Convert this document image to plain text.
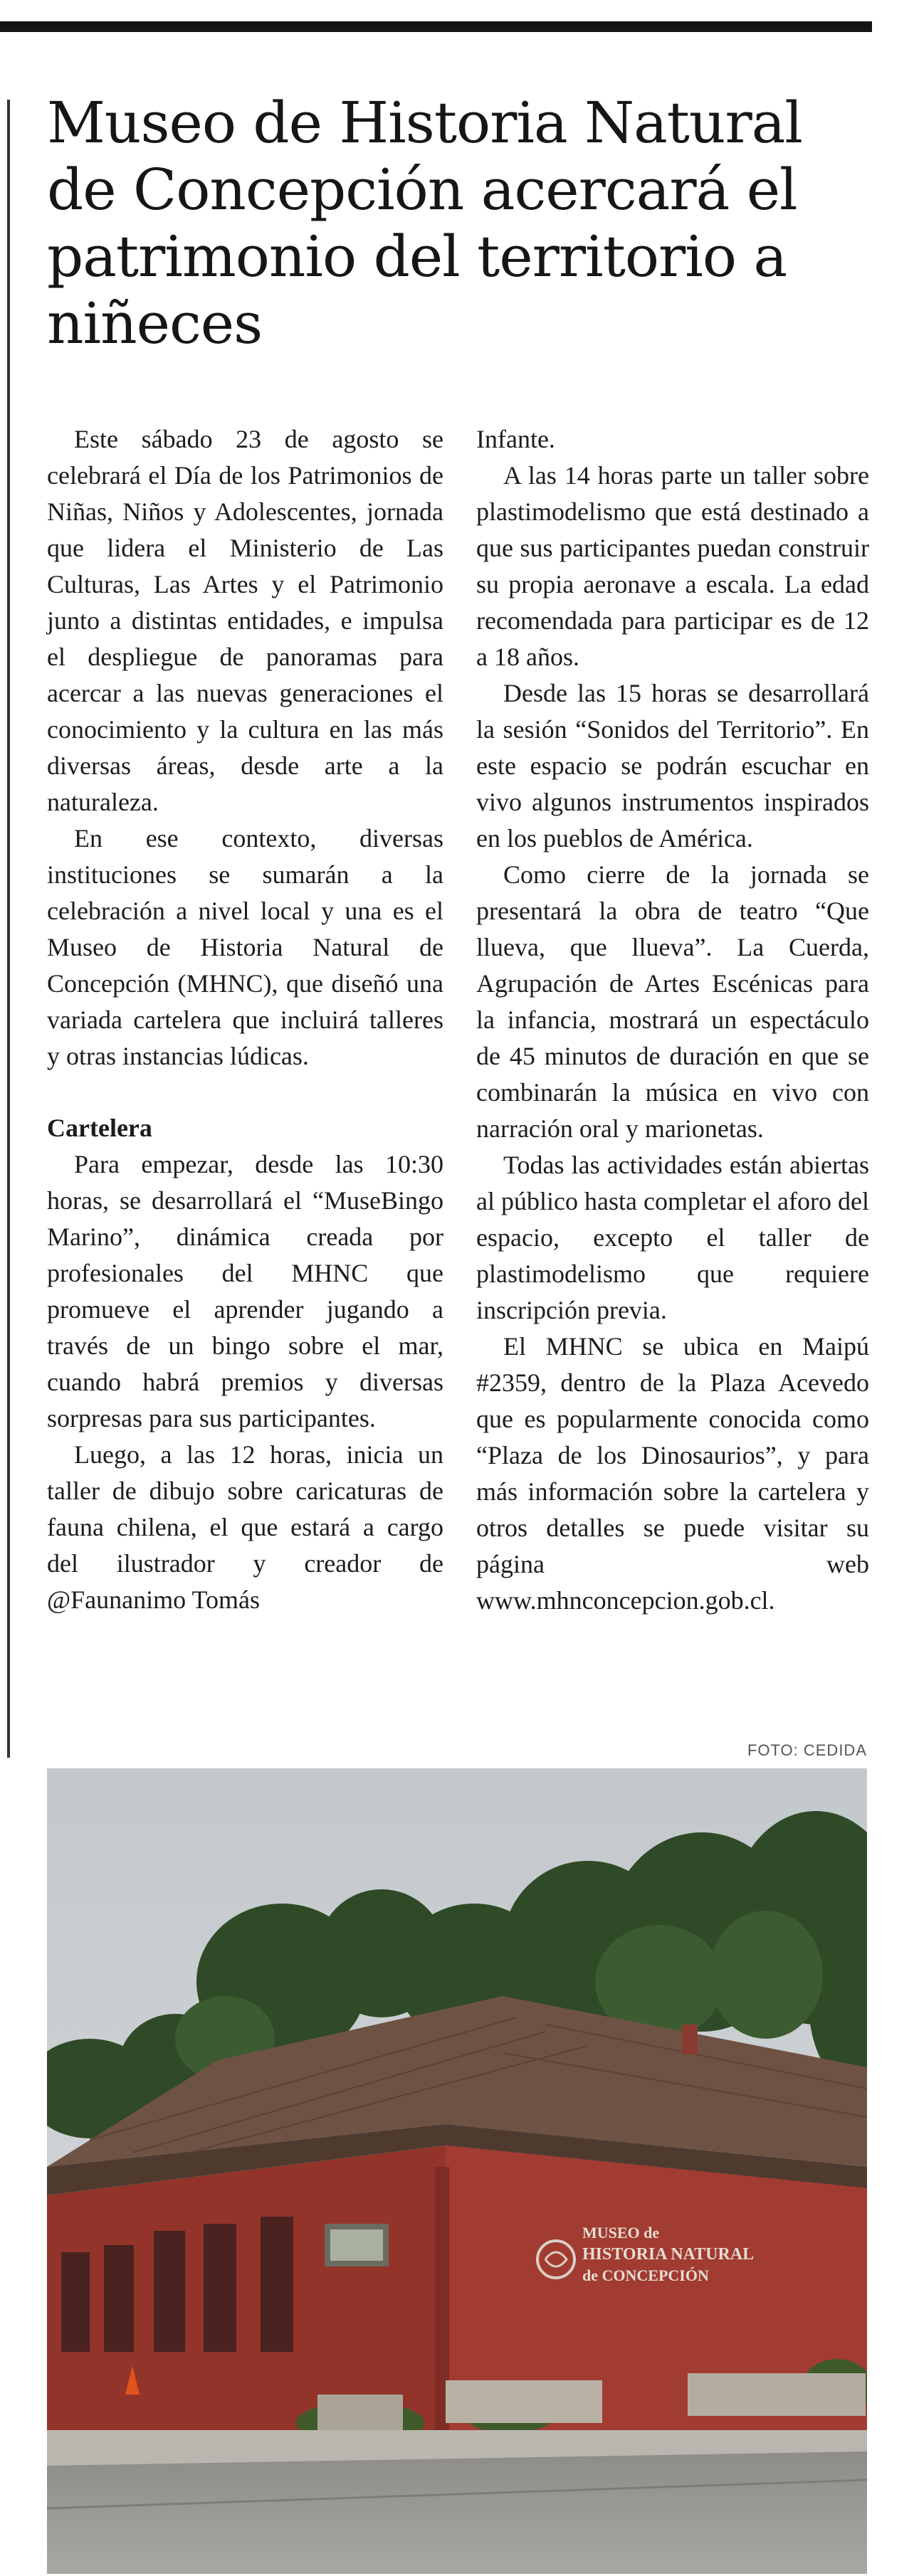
Museo de Historia Natural de Concepción acercará el patrimonio del territorio a niñeces

Este sábado 23 de agosto se celebrará el Día de los Patrimonios de Niñas, Niños y Adolescentes, jornada que lidera el Ministerio de Las Culturas, Las Artes y el Patrimonio junto a distintas entidades, e impulsa el despliegue de panoramas para acercar a las nuevas generaciones el conocimiento y la cultura en las más diversas áreas, desde arte a la naturaleza.

En ese contexto, diversas instituciones se sumarán a la celebración a nivel local y una es el Museo de Historia Natural de Concepción (MHNC), que diseñó una variada cartelera que incluirá talleres y otras instancias lúdicas.

Cartelera

Para empezar, desde las 10:30 horas, se desarrollará el “MuseBingo Marino”, dinámica creada por profesionales del MHNC que promueve el aprender jugando a través de un bingo sobre el mar, cuando habrá premios y diversas sorpresas para sus participantes.

Luego, a las 12 horas, inicia un taller de dibujo sobre caricaturas de fauna chilena, el que estará a cargo del ilustrador y creador de @Faunanimo Tomás

Infante.

A las 14 horas parte un taller sobre plastimodelismo que está destinado a que sus participantes puedan construir su propia aeronave a escala. La edad recomendada para participar es de 12 a 18 años.

Desde las 15 horas se desarrollará la sesión “Sonidos del Territorio”. En este espacio se podrán escuchar en vivo algunos instrumentos inspirados en los pueblos de América.

Como cierre de la jornada se presentará la obra de teatro “Que llueva, que llueva”. La Cuerda, Agrupación de Artes Escénicas para la infancia, mostrará un espectáculo de 45 minutos de duración en que se combinarán la música en vivo con narración oral y marionetas.

Todas las actividades están abiertas al público hasta completar el aforo del espacio, excepto el taller de plastimodelismo que requiere inscripción previa.

El MHNC se ubica en Maipú #2359, dentro de la Plaza Acevedo que es popularmente conocida como “Plaza de los Dinosaurios”, y para más información sobre la cartelera y otros detalles se puede visitar su página web www.mhnconcepcion.gob.cl.

FOTO: CEDIDA
MUSEO de
HISTORIA NATURAL
de CONCEPCIÓN
